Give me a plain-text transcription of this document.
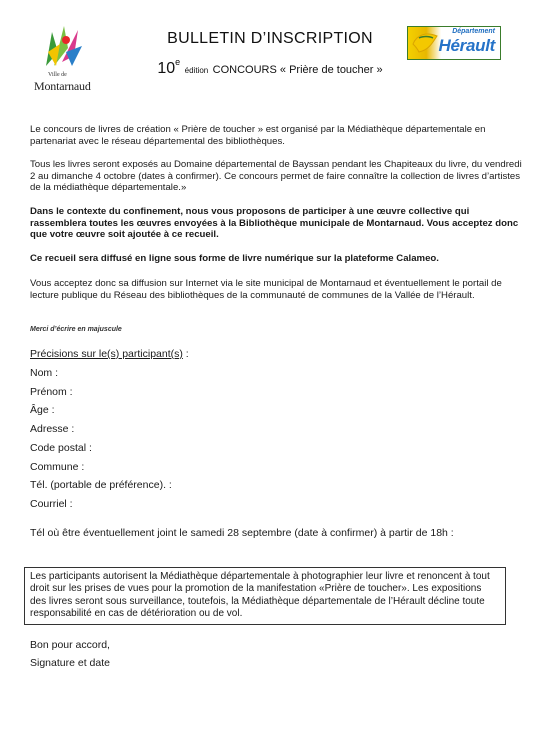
Ville de
Montarnaud
BULLETIN D’INSCRIPTION
10e édition CONCOURS « Prière de toucher »
Département
Hérault
Le concours de livres de création « Prière de toucher » est organisé par la Médiathèque départementale en partenariat avec le réseau départemental des bibliothèques.
Tous les livres seront exposés au Domaine départemental de Bayssan pendant les Chapiteaux du livre, du vendredi 2 au dimanche 4 octobre (dates à confirmer). Ce concours permet de faire connaître la collection de livres d’artistes de la médiathèque départementale.»
Dans le contexte du confinement, nous vous proposons de participer à une œuvre collective qui rassemblera toutes les œuvres envoyées à la Bibliothèque municipale de Montarnaud. Vous acceptez donc que votre œuvre soit ajoutée à ce recueil.
Ce recueil sera diffusé en ligne sous forme de livre numérique sur la plateforme Calameo.
Vous acceptez donc sa diffusion sur Internet via le site municipal de Montarnaud et éventuellement le portail de lecture publique du Réseau des bibliothèques de la communauté de communes de la Vallée de l’Hérault.
Merci d’écrire en majuscule
Précisions sur le(s) participant(s) :
Nom :
Prénom :
Âge :
Adresse :
Code postal :
Commune :
Tél. (portable de préférence). :
Courriel :
Tél où être éventuellement joint le samedi 28 septembre (date à confirmer) à partir de 18h :
Les participants autorisent la Médiathèque départementale à photographier leur livre et renoncent à tout droit sur les prises de vues pour la promotion de la manifestation «Prière de toucher». Les expositions des livres seront sous surveillance, toutefois, la Médiathèque départementale de l’Hérault décline toute responsabilité en cas de détérioration ou de vol.
Bon pour accord,
Signature et date
